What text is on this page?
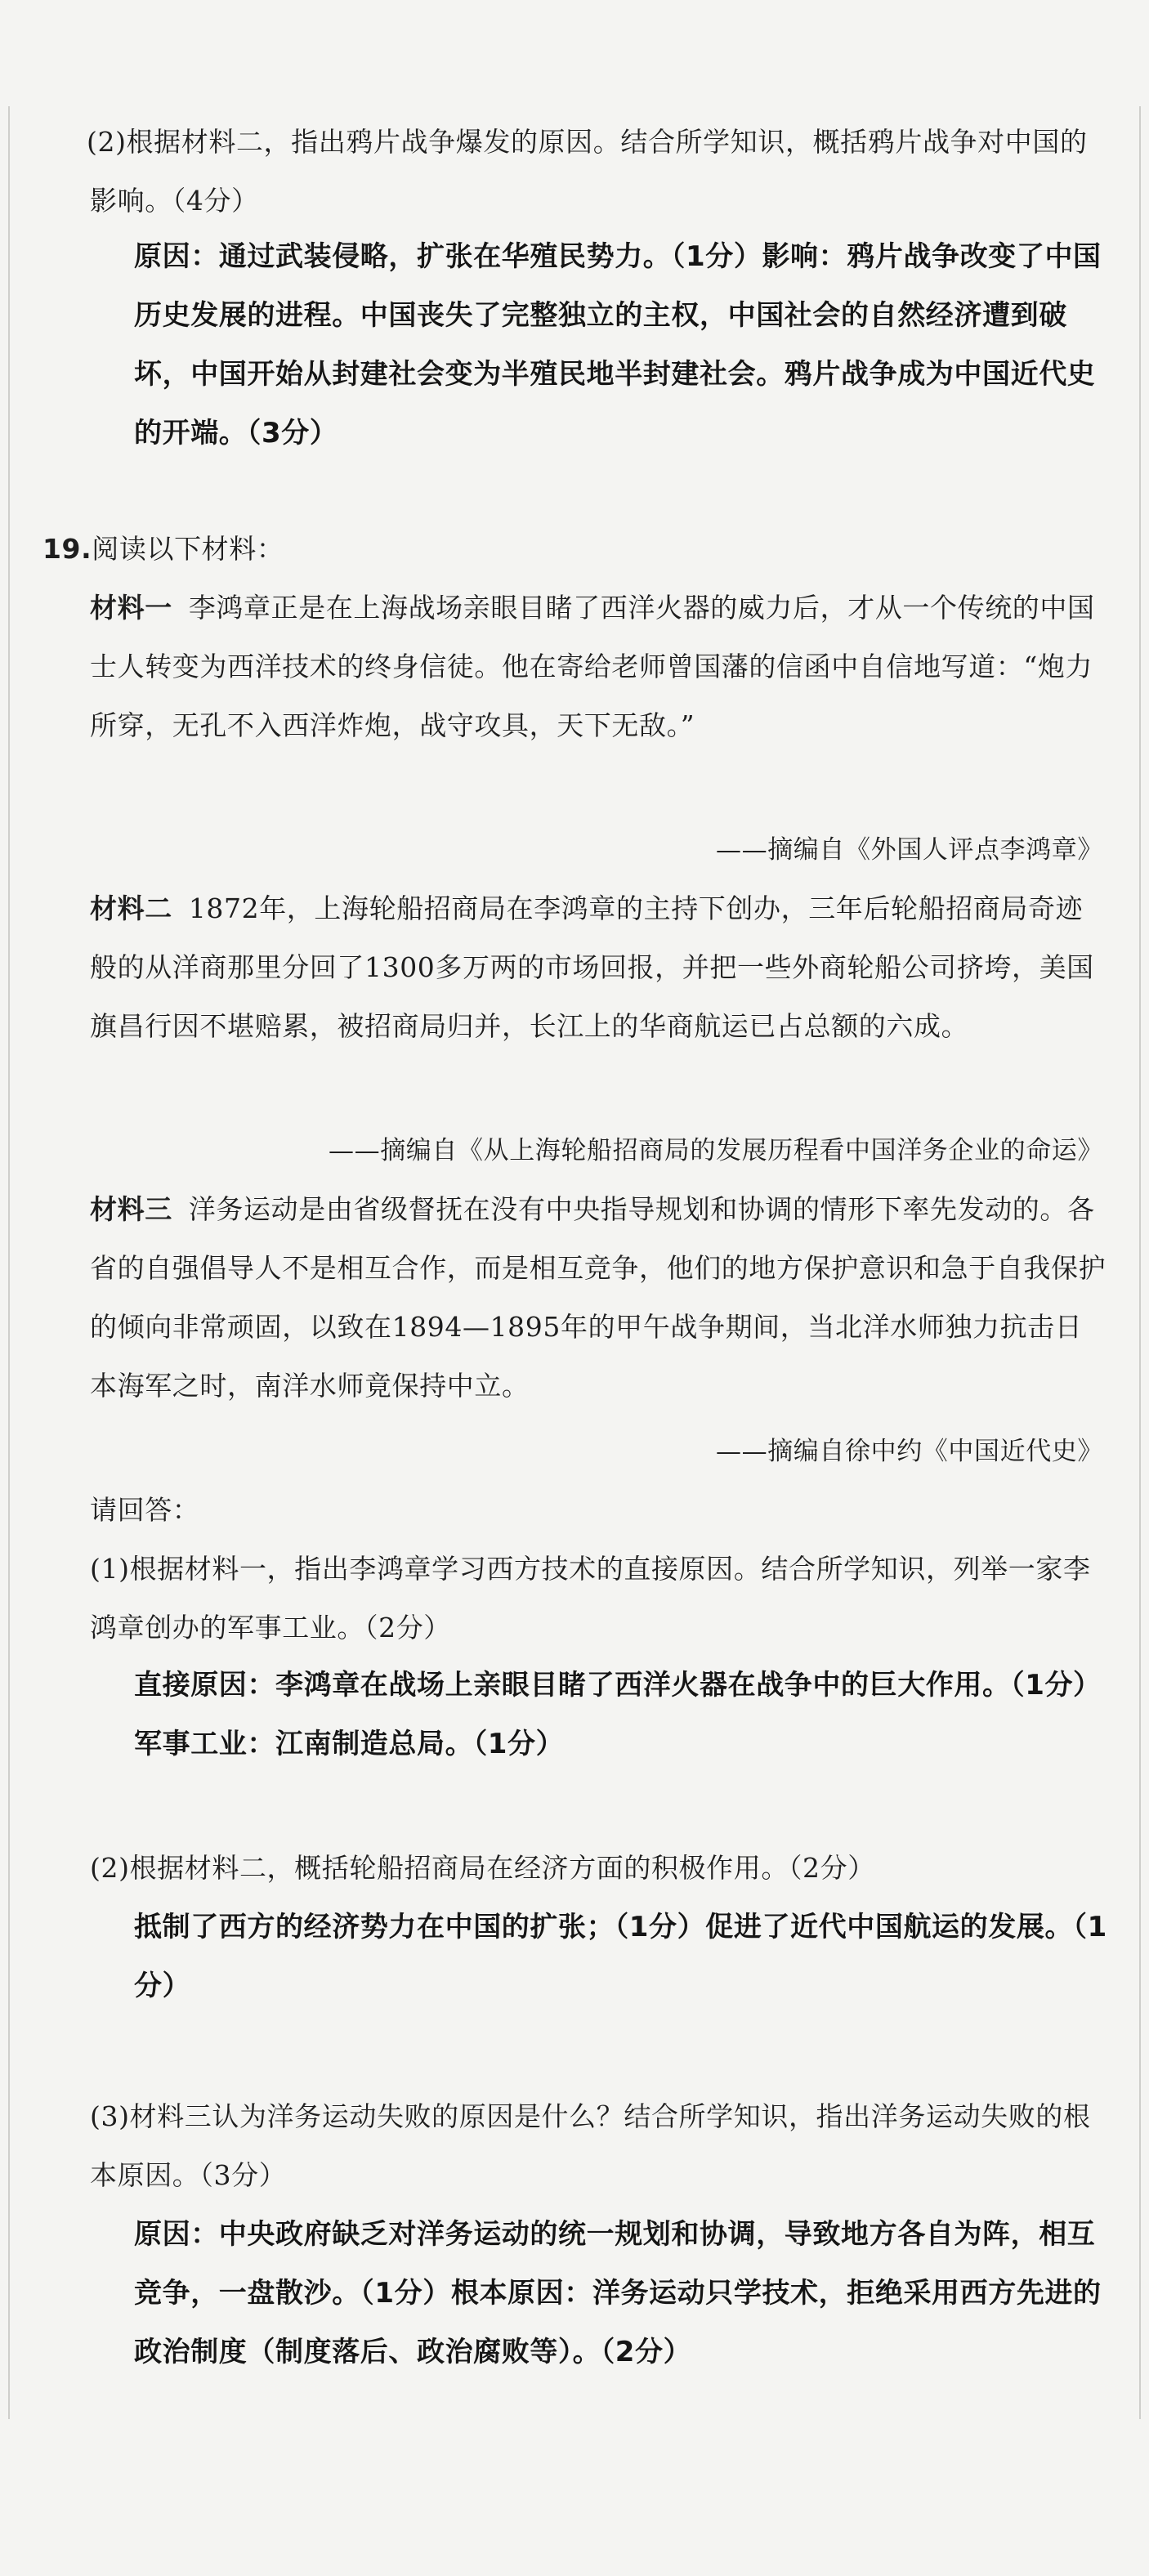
(2)根据材料二，指出鸦片战争爆发的原因。结合所学知识，概括鸦片战争对中国的影响。（4分）

原因：通过武装侵略，扩张在华殖民势力。（1分）影响：鸦片战争改变了中国历史发展的进程。中国丧失了完整独立的主权，中国社会的自然经济遭到破坏，中国开始从封建社会变为半殖民地半封建社会。鸦片战争成为中国近代史的开端。（3分）

19.阅读以下材料：

材料一 李鸿章正是在上海战场亲眼目睹了西洋火器的威力后，才从一个传统的中国士人转变为西洋技术的终身信徒。他在寄给老师曾国藩的信函中自信地写道：“炮力所穿，无孔不入西洋炸炮，战守攻具，天下无敌。”

——摘编自《外国人评点李鸿章》

材料二 1872年，上海轮船招商局在李鸿章的主持下创办，三年后轮船招商局奇迹般的从洋商那里分回了1300多万两的市场回报，并把一些外商轮船公司挤垮，美国旗昌行因不堪赔累，被招商局归并，长江上的华商航运已占总额的六成。

——摘编自《从上海轮船招商局的发展历程看中国洋务企业的命运》

材料三 洋务运动是由省级督抚在没有中央指导规划和协调的情形下率先发动的。各省的自强倡导人不是相互合作，而是相互竞争，他们的地方保护意识和急于自我保护的倾向非常顽固，以致在1894—1895年的甲午战争期间，当北洋水师独力抗击日本海军之时，南洋水师竟保持中立。

——摘编自徐中约《中国近代史》

请回答：

(1)根据材料一，指出李鸿章学习西方技术的直接原因。结合所学知识，列举一家李鸿章创办的军事工业。（2分）

直接原因：李鸿章在战场上亲眼目睹了西洋火器在战争中的巨大作用。（1分）军事工业：江南制造总局。（1分）

(2)根据材料二，概括轮船招商局在经济方面的积极作用。（2分）

抵制了西方的经济势力在中国的扩张；（1分）促进了近代中国航运的发展。（1分）

(3)材料三认为洋务运动失败的原因是什么？结合所学知识，指出洋务运动失败的根本原因。（3分）

原因：中央政府缺乏对洋务运动的统一规划和协调，导致地方各自为阵，相互竞争，一盘散沙。（1分）根本原因：洋务运动只学技术，拒绝采用西方先进的政治制度（制度落后、政治腐败等）。（2分）
